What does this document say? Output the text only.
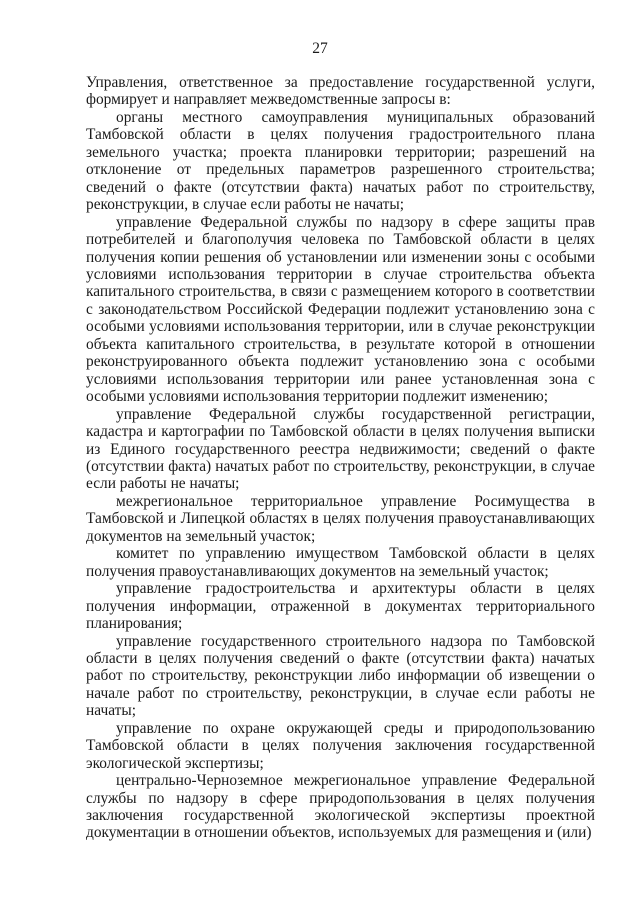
27

Управления, ответственное за предоставление государственной услуги, формирует и направляет межведомственные запросы в:

органы местного самоуправления муниципальных образований Тамбовской области в целях получения градостроительного плана земельного участка; проекта планировки территории; разрешений на отклонение от предельных параметров разрешенного строительства; сведений о факте (отсутствии факта) начатых работ по строительству, реконструкции, в случае если работы не начаты;

управление Федеральной службы по надзору в сфере защиты прав потребителей и благополучия человека по Тамбовской области в целях получения копии решения об установлении или изменении зоны с особыми условиями использования территории в случае строительства объекта капитального строительства, в связи с размещением которого в соответствии с законодательством Российской Федерации подлежит установлению зона с особыми условиями использования территории, или в случае реконструкции объекта капитального строительства, в результате которой в отношении реконструированного объекта подлежит установлению зона с особыми условиями использования территории или ранее установленная зона с особыми условиями использования территории подлежит изменению;

управление Федеральной службы государственной регистрации, кадастра и картографии по Тамбовской области в целях получения выписки из Единого государственного реестра недвижимости; сведений о факте (отсутствии факта) начатых работ по строительству, реконструкции, в случае если работы не начаты;

межрегиональное территориальное управление Росимущества в Тамбовской и Липецкой областях в целях получения правоустанавливающих документов на земельный участок;

комитет по управлению имуществом Тамбовской области в целях получения правоустанавливающих документов на земельный участок;

управление градостроительства и архитектуры области в целях получения информации, отраженной в документах территориального планирования;

управление государственного строительного надзора по Тамбовской области в целях получения сведений о факте (отсутствии факта) начатых работ по строительству, реконструкции либо информации об извещении о начале работ по строительству, реконструкции, в случае если работы не начаты;

управление по охране окружающей среды и природопользованию Тамбовской области в целях получения заключения государственной экологической экспертизы;

центрально-Черноземное межрегиональное управление Федеральной службы по надзору в сфере природопользования в целях получения заключения государственной экологической экспертизы проектной документации в отношении объектов, используемых для размещения и (или)
